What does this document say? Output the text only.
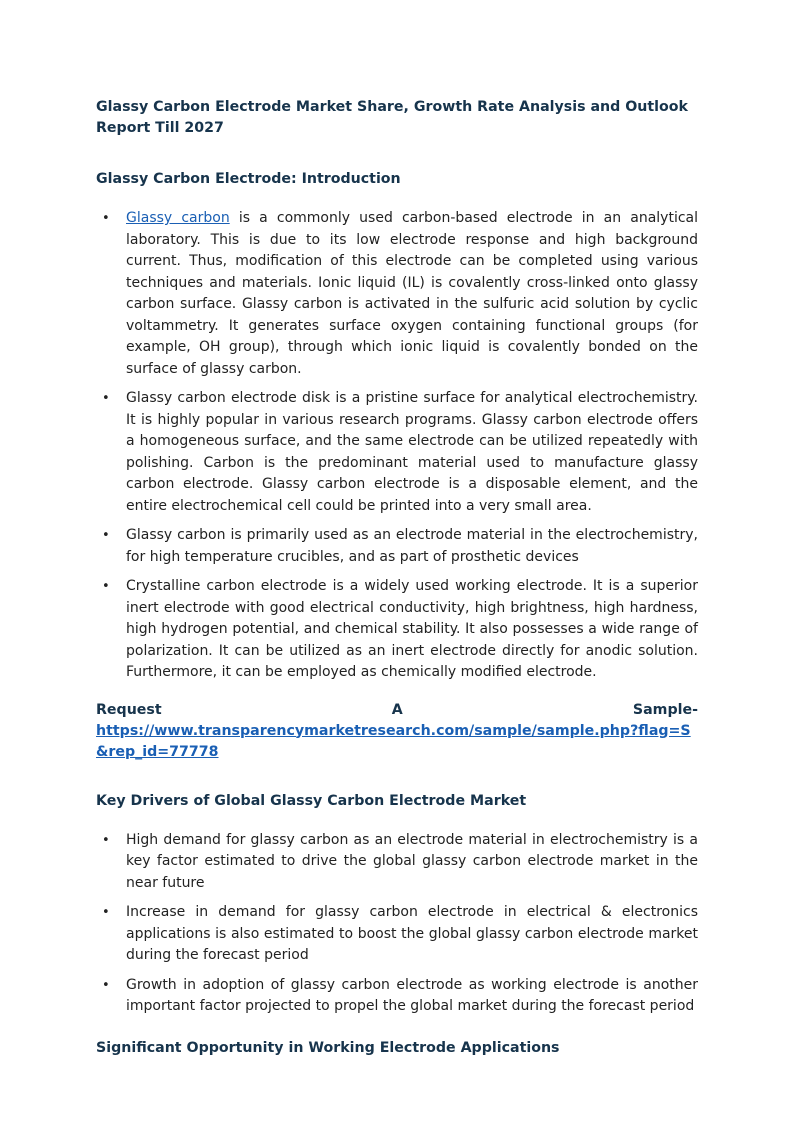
Glassy Carbon Electrode Market Share, Growth Rate Analysis and Outlook Report Till 2027
Glassy Carbon Electrode: Introduction
• Glassy carbon is a commonly used carbon-based electrode in an analytical laboratory. This is due to its low electrode response and high background current. Thus, modification of this electrode can be completed using various techniques and materials. Ionic liquid (IL) is covalently cross-linked onto glassy carbon surface. Glassy carbon is activated in the sulfuric acid solution by cyclic voltammetry. It generates surface oxygen containing functional groups (for example, OH group), through which ionic liquid is covalently bonded on the surface of glassy carbon.
• Glassy carbon electrode disk is a pristine surface for analytical electrochemistry. It is highly popular in various research programs. Glassy carbon electrode offers a homogeneous surface, and the same electrode can be utilized repeatedly with polishing. Carbon is the predominant material used to manufacture glassy carbon electrode. Glassy carbon electrode is a disposable element, and the entire electrochemical cell could be printed into a very small area.
• Glassy carbon is primarily used as an electrode material in the electrochemistry, for high temperature crucibles, and as part of prosthetic devices
• Crystalline carbon electrode is a widely used working electrode. It is a superior inert electrode with good electrical conductivity, high brightness, high hardness, high hydrogen potential, and chemical stability. It also possesses a wide range of polarization. It can be utilized as an inert electrode directly for anodic solution. Furthermore, it can be employed as chemically modified electrode.
Request	A	Sample-
https://www.transparencymarketresearch.com/sample/sample.php?flag=S&rep_id=77778
Key Drivers of Global Glassy Carbon Electrode Market
• High demand for glassy carbon as an electrode material in electrochemistry is a key factor estimated to drive the global glassy carbon electrode market in the near future
• Increase in demand for glassy carbon electrode in electrical & electronics applications is also estimated to boost the global glassy carbon electrode market during the forecast period
• Growth in adoption of glassy carbon electrode as working electrode is another important factor projected to propel the global market during the forecast period
Significant Opportunity in Working Electrode Applications
